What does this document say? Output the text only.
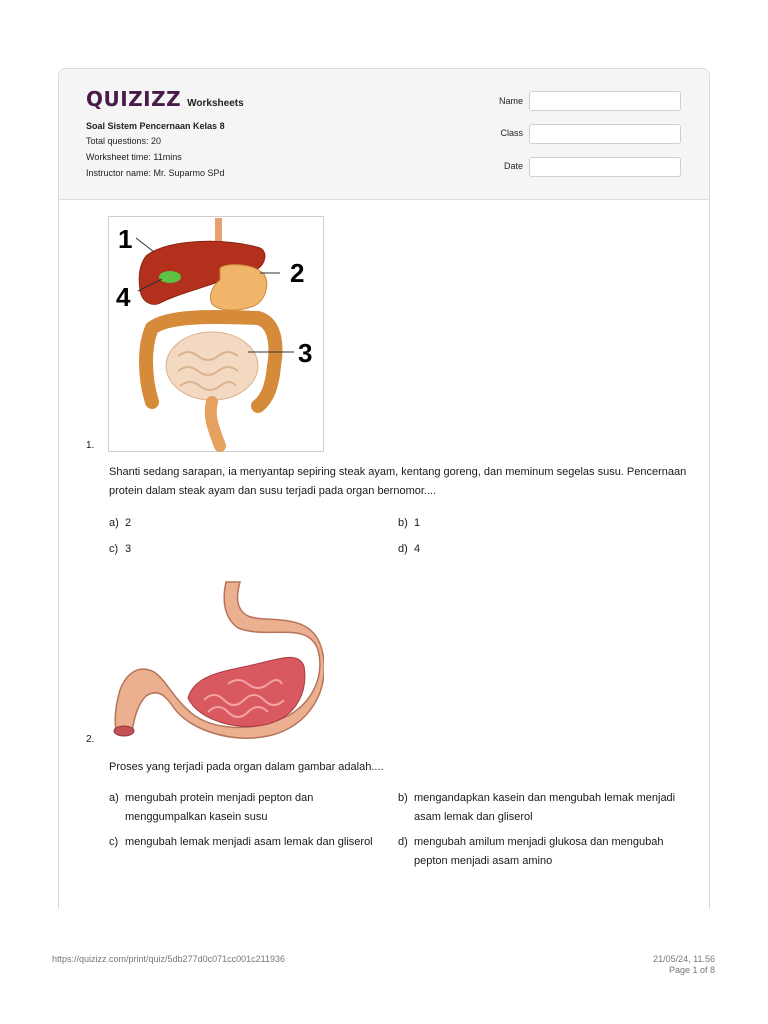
QUIZIZZ Worksheets
Soal Sistem Pencernaan Kelas 8
Total questions: 20
Worksheet time: 11mins
Instructor name: Mr. Suparmo SPd
Name
Class
Date
1
2
3
4
1.
Shanti sedang sarapan, ia menyantap sepiring steak ayam, kentang goreng, dan meminum segelas susu. Pencernaan protein dalam steak ayam dan susu terjadi pada organ bernomor....
a) 2	b) 1
c) 3	d) 4
2.
Proses yang terjadi pada organ dalam gambar adalah....
a) mengubah protein menjadi pepton dan menggumpalkan kasein susu
b) mengandapkan kasein dan mengubah lemak menjadi asam lemak dan gliserol
c) mengubah lemak menjadi asam lemak dan gliserol	d) mengubah amilum menjadi glukosa dan mengubah pepton menjadi asam amino
https://quizizz.com/print/quiz/5db277d0c071cc001c211936	21/05/24, 11.56
Page 1 of 8
